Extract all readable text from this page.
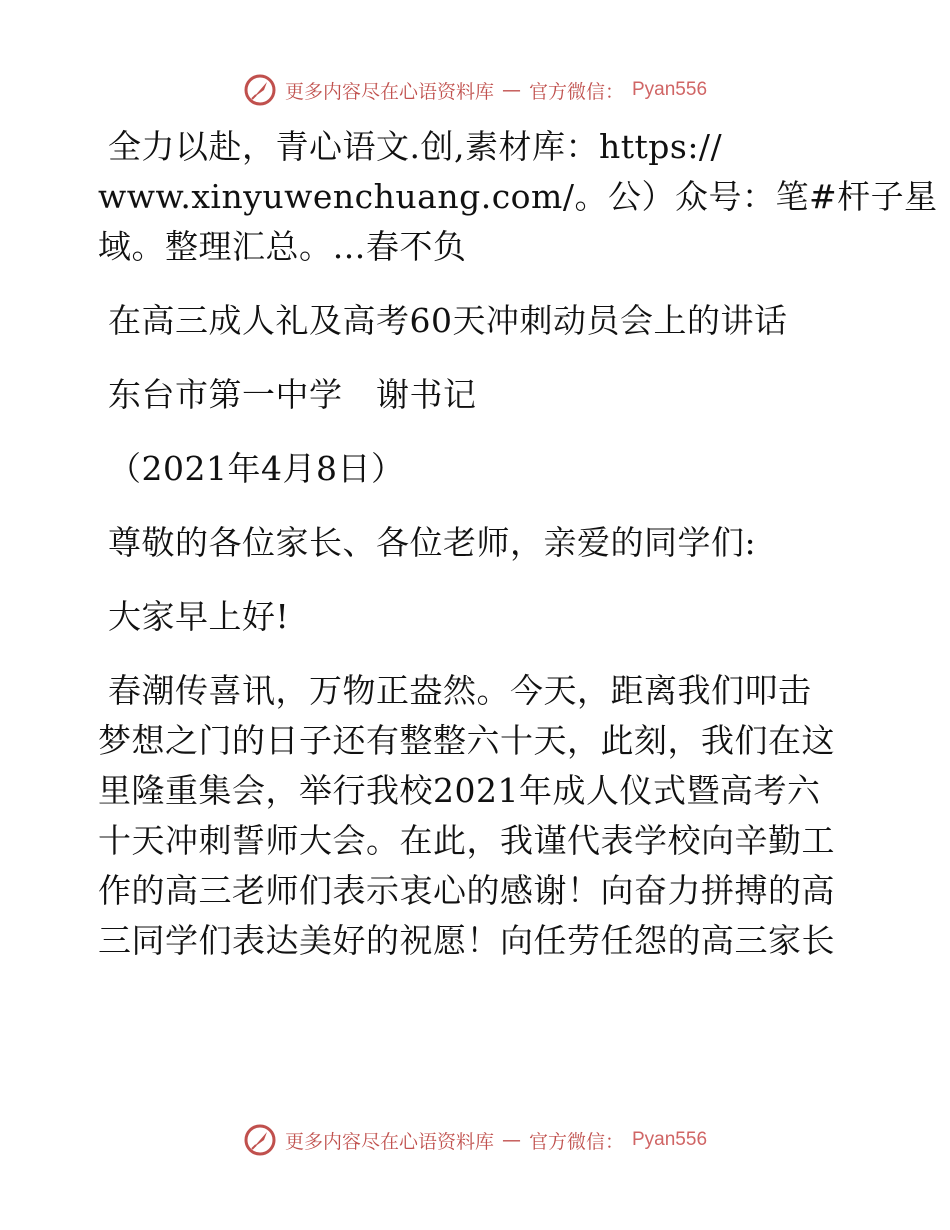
更多内容尽在心语资料库 — 官方微信： Pyan556
全力以赴，青心语文.创,素材库：https://
www.xinyuwenchuang.com/。公）众号：笔#杆子星
域。整理汇总。…春不负
在高三成人礼及高考60天冲刺动员会上的讲话
东台市第一中学　谢书记
（2021年4月8日）
尊敬的各位家长、各位老师，亲爱的同学们:
大家早上好!
春潮传喜讯，万物正盎然。今天，距离我们叩击
梦想之门的日子还有整整六十天，此刻，我们在这
里隆重集会，举行我校2021年成人仪式暨高考六
十天冲刺誓师大会。在此，我谨代表学校向辛勤工
作的高三老师们表示衷心的感谢！向奋力拼搏的高
三同学们表达美好的祝愿！向任劳任怨的高三家长
更多内容尽在心语资料库 — 官方微信： Pyan556
